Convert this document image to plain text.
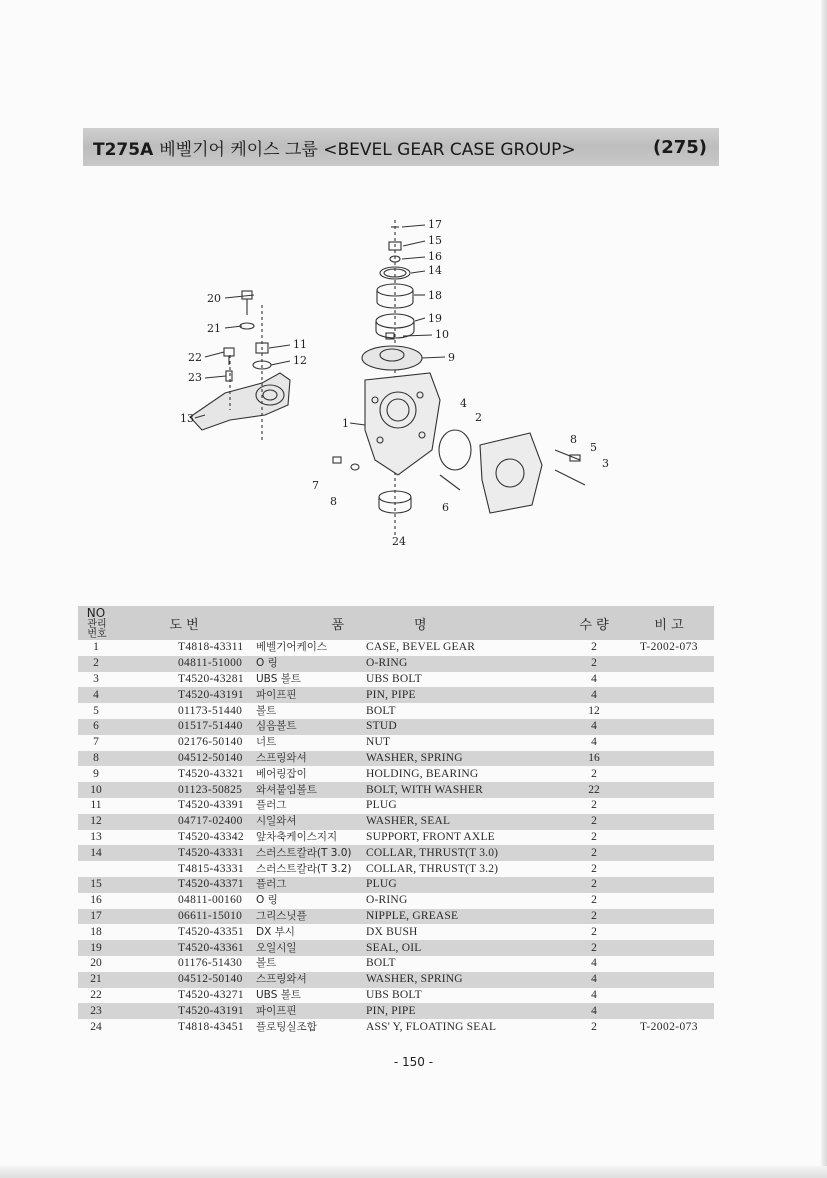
T275A 베벨기어 케이스 그룹 <BEVEL GEAR CASE GROUP>	(275)
17
15
16
14
18
19
10
9
20
21
11
12
22
23
13	1	2
4
8
5
3
7
8	6
24
NO관리
번호	도 번	품	명	수 량	비 고
1	T4818-43311	베벨기어케이스	CASE, BEVEL GEAR	2	T-2002-073
2	04811-51000	O 링	O-RING	2	
3	T4520-43281	UBS 볼트	UBS BOLT	4	
4	T4520-43191	파이프핀	PIN, PIPE	4	
5	01173-51440	볼트	BOLT	12	
6	01517-51440	심음볼트	STUD	4	
7	02176-50140	너트	NUT	4	
8	04512-50140	스프링와셔	WASHER, SPRING	16	
9	T4520-43321	베어링잡이	HOLDING, BEARING	2	
10	01123-50825	와셔붙임볼트	BOLT, WITH WASHER	22	
11	T4520-43391	플러그	PLUG	2	
12	04717-02400	시일와셔	WASHER, SEAL	2	
13	T4520-43342	앞차축케이스지지	SUPPORT, FRONT AXLE	2	
14	T4520-43331	스러스트칼라(T 3.0)	COLLAR, THRUST(T 3.0)	2	
	T4815-43331	스러스트칼라(T 3.2)	COLLAR, THRUST(T 3.2)	2	
15	T4520-43371	플러그	PLUG	2	
16	04811-00160	O 링	O-RING	2	
17	06611-15010	그리스닛플	NIPPLE, GREASE	2	
18	T4520-43351	DX 부시	DX BUSH	2	
19	T4520-43361	오일시일	SEAL, OIL	2	
20	01176-51430	볼트	BOLT	4	
21	04512-50140	스프링와셔	WASHER, SPRING	4	
22	T4520-43271	UBS 볼트	UBS BOLT	4	
23	T4520-43191	파이프핀	PIN, PIPE	4	
24	T4818-43451	플로팅실조합	ASS' Y, FLOATING SEAL	2	T-2002-073
- 150 -
